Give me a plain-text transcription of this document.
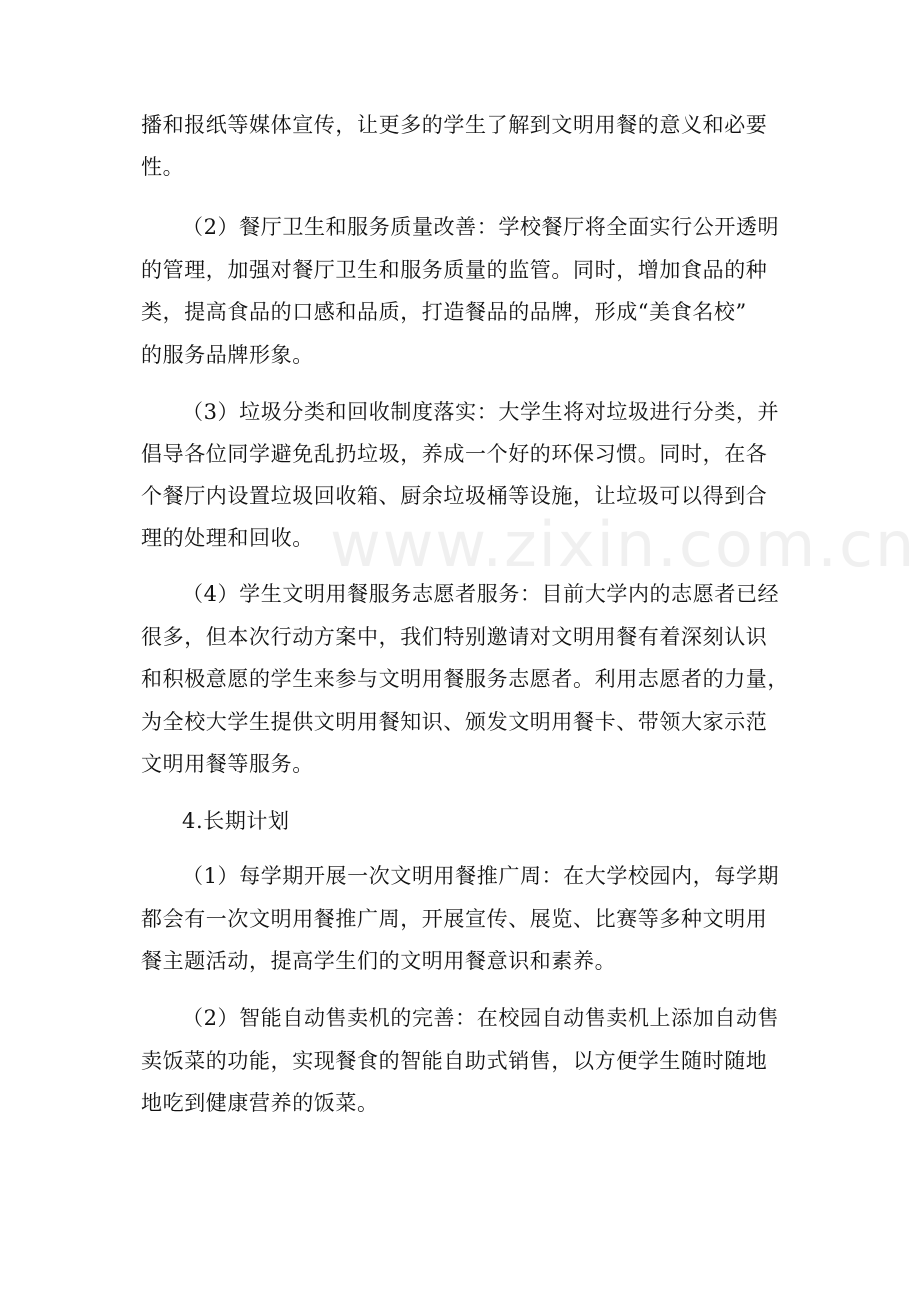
www.zixin.com.cn
播和报纸等媒体宣传，让更多的学生了解到文明用餐的意义和必要
性。
（2）餐厅卫生和服务质量改善：学校餐厅将全面实行公开透明
的管理，加强对餐厅卫生和服务质量的监管。同时，增加食品的种
类，提高食品的口感和品质，打造餐品的品牌，形成“美食名校”
的服务品牌形象。
（3）垃圾分类和回收制度落实：大学生将对垃圾进行分类，并
倡导各位同学避免乱扔垃圾，养成一个好的环保习惯。同时，在各
个餐厅内设置垃圾回收箱、厨余垃圾桶等设施，让垃圾可以得到合
理的处理和回收。
（4）学生文明用餐服务志愿者服务：目前大学内的志愿者已经
很多，但本次行动方案中，我们特别邀请对文明用餐有着深刻认识
和积极意愿的学生来参与文明用餐服务志愿者。利用志愿者的力量，
为全校大学生提供文明用餐知识、颁发文明用餐卡、带领大家示范
文明用餐等服务。
4.长期计划
（1）每学期开展一次文明用餐推广周：在大学校园内，每学期
都会有一次文明用餐推广周，开展宣传、展览、比赛等多种文明用
餐主题活动，提高学生们的文明用餐意识和素养。
（2）智能自动售卖机的完善：在校园自动售卖机上添加自动售
卖饭菜的功能，实现餐食的智能自助式销售，以方便学生随时随地
地吃到健康营养的饭菜。
